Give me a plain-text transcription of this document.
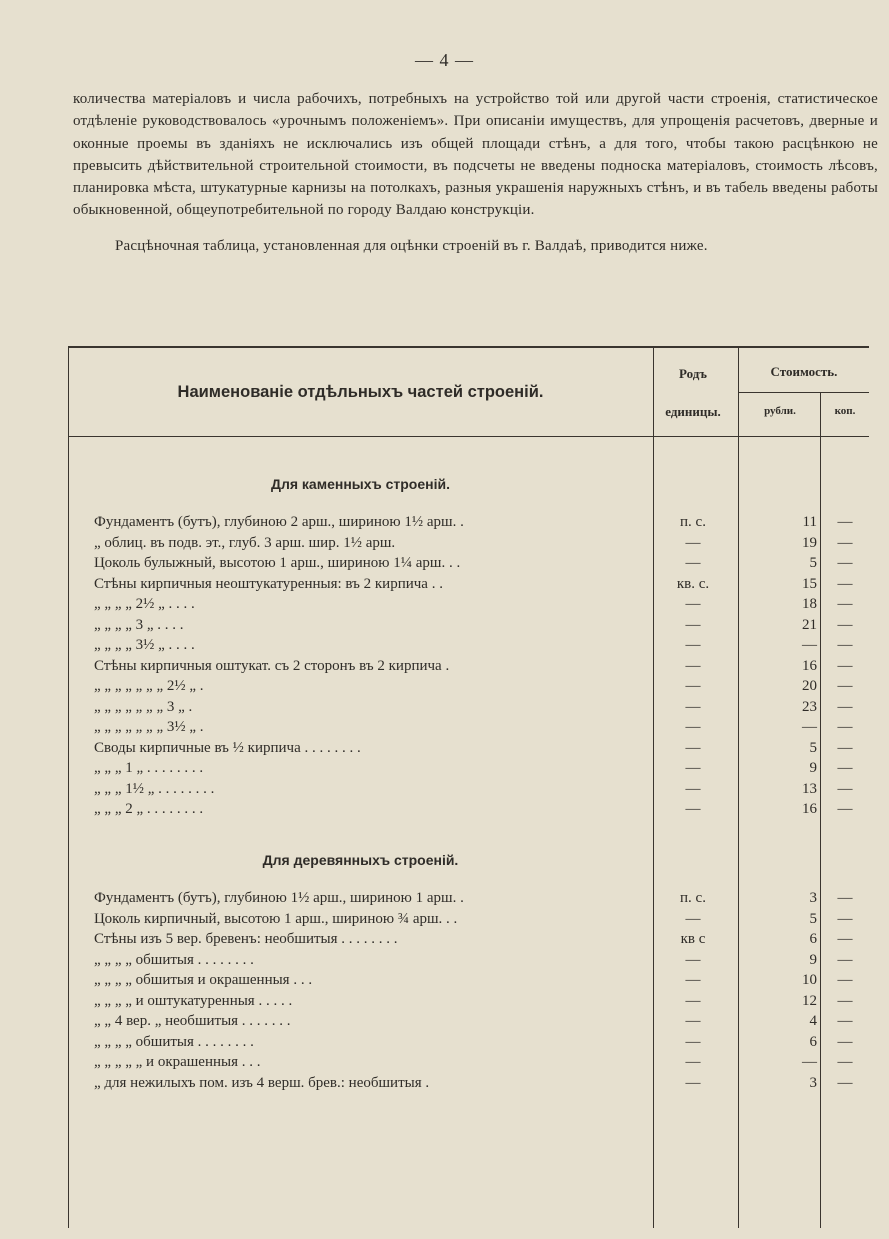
— 4 —

количества матеріаловъ и числа рабочихъ, потребныхъ на устройство той или другой части строенія, статистическое отдѣленіе руководствовалось «урочнымъ положеніемъ». При описаніи имуществъ, для упрощенія расчетовъ, дверные и оконные проемы въ зданіяхъ не исключались изъ общей площади стѣнъ, а для того, чтобы такою расцѣнкою не превысить дѣйствительной строительной стоимости, въ подсчеты не введены подноска матеріаловъ, стоимость лѣсовъ, планировка мѣста, штукатурные карнизы на потолкахъ, разныя украшенія наружныхъ стѣнъ, и въ табель введены работы обыкновенной, общеупотребительной по городу Валдаю конструкціи.

Расцѣночная таблица, установленная для оцѣнки строеній въ г. Валдаѣ, приводится ниже.

Наименованіе отдѣльныхъ частей строеній.
Родъ
единицы.
Стоимость.
рубли.	коп.
Для каменныхъ строеній.
Фундаментъ (бутъ), глубиною 2 арш., шириною 1½ арш. .	п. с.	11	—
„ облиц. въ подв. эт., глуб. 3 арш. шир. 1½ арш.	—	19	—
Цоколь булыжный, высотою 1 арш., шириною 1¼ арш. . .	—	5	—
Стѣны кирпичныя неоштукатуренныя: въ 2 кирпича . .	кв. с.	15	—
„ „ „ „ 2½ „ . . . .	—	18	—
„ „ „ „ 3 „ . . . .	—	21	—
„ „ „ „ 3½ „ . . . .	—	—	—
Стѣны кирпичныя оштукат. съ 2 сторонъ въ 2 кирпича .	—	16	—
„ „ „ „ „ „ „ 2½ „ .	—	20	—
„ „ „ „ „ „ „ 3 „ .	—	23	—
„ „ „ „ „ „ „ 3½ „ .	—	—	—
Своды кирпичные въ ½ кирпича . . . . . . . .	—	5	—
„ „ „ 1 „ . . . . . . . .	—	9	—
„ „ „ 1½ „ . . . . . . . .	—	13	—
„ „ „ 2 „ . . . . . . . .	—	16	—
Для деревянныхъ строеній.
Фундаментъ (бутъ), глубиною 1½ арш., шириною 1 арш. .	п. с.	3	—
Цоколь кирпичный, высотою 1 арш., шириною ¾ арш. . .	—	5	—
Стѣны изъ 5 вер. бревенъ: необшитыя . . . . . . . .	кв с	6	—
„ „ „ „ обшитыя . . . . . . . .	—	9	—
„ „ „ „ обшитыя и окрашенныя . . .	—	10	—
„ „ „ „ и оштукатуренныя . . . . .	—	12	—
„ „ 4 вер. „ необшитыя . . . . . . .	—	4	—
„ „ „ „ обшитыя . . . . . . . .	—	6	—
„ „ „ „ „ и окрашенныя . . .	—	—	—
„ для нежилыхъ пом. изъ 4 верш. брев.: необшитыя .	—	3	—
